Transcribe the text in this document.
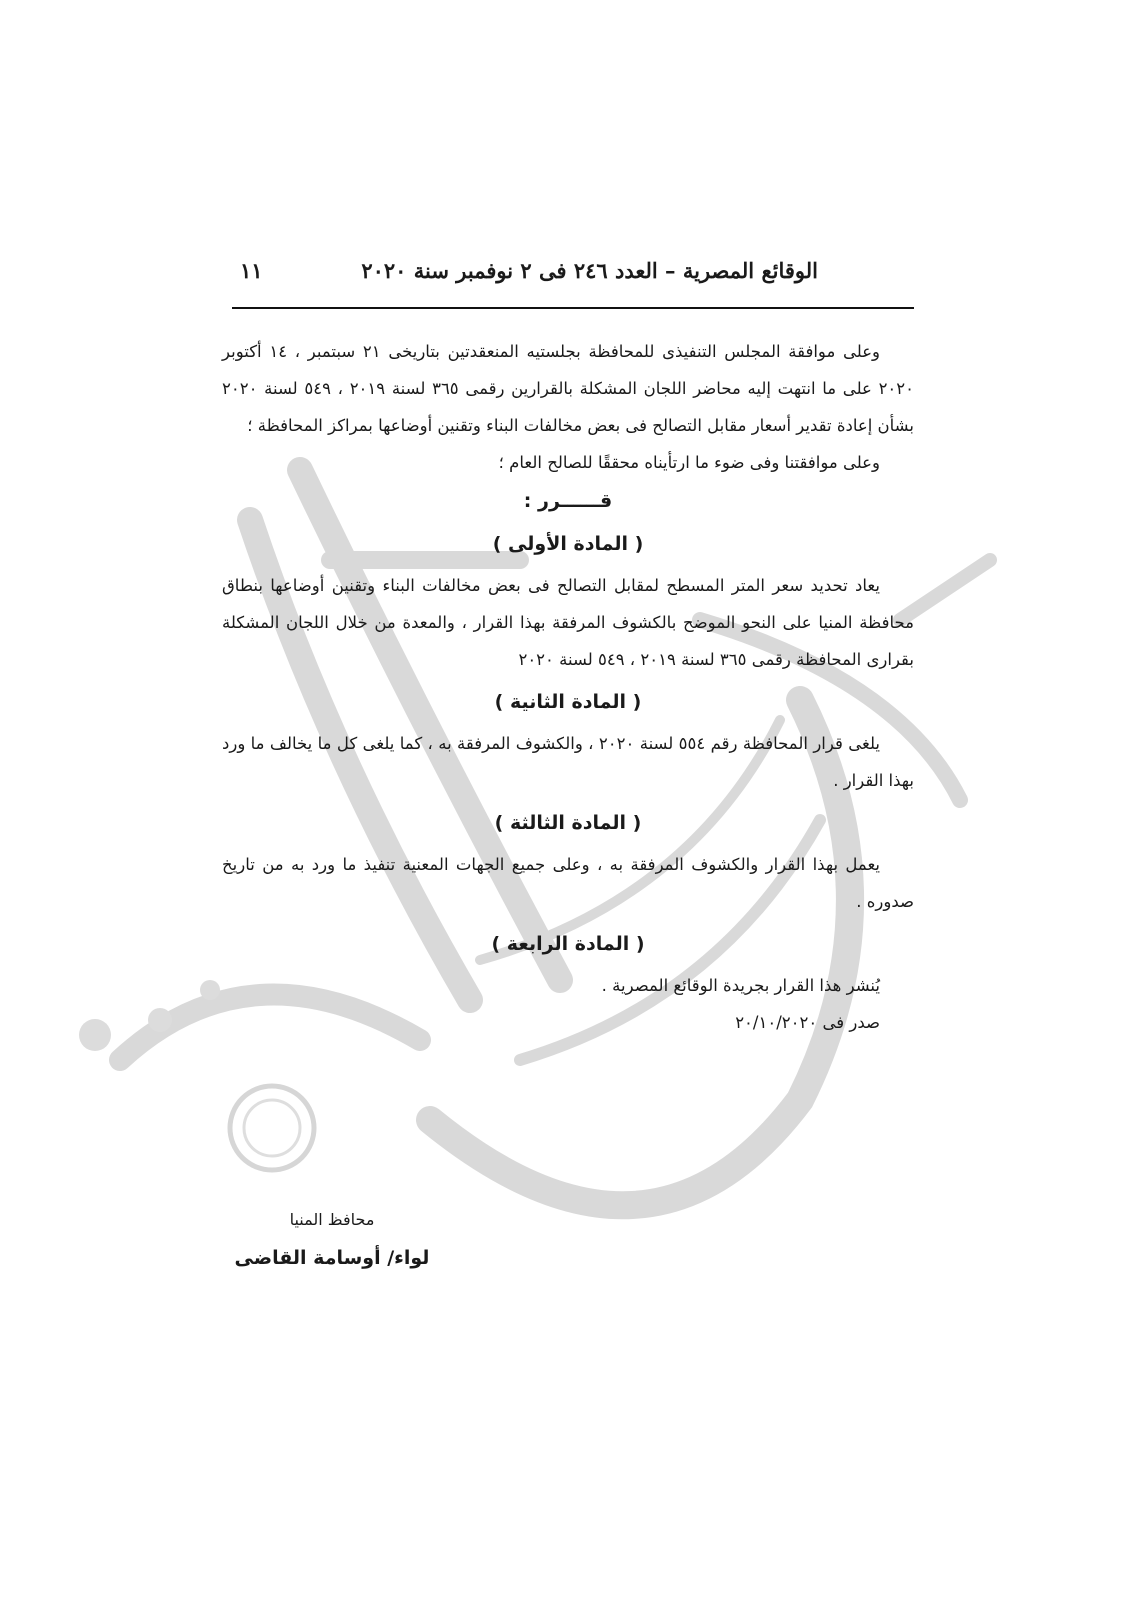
الوقائع المصرية – العدد ٢٤٦ فى ٢ نوفمبر سنة ٢٠٢٠
١١

وعلى موافقة المجلس التنفيذى للمحافظة بجلستيه المنعقدتين بتاريخى ٢١ سبتمبر ، ١٤ أكتوبر ٢٠٢٠ على ما انتهت إليه محاضر اللجان المشكلة بالقرارين رقمى ٣٦٥ لسنة ٢٠١٩ ، ٥٤٩ لسنة ٢٠٢٠ بشأن إعادة تقدير أسعار مقابل التصالح فى بعض مخالفات البناء وتقنين أوضاعها بمراكز المحافظة ؛

وعلى موافقتنا وفى ضوء ما ارتأيناه محققًا للصالح العام ؛

قــــــرر :

( المادة الأولى )

يعاد تحديد سعر المتر المسطح لمقابل التصالح فى بعض مخالفات البناء وتقنين أوضاعها بنطاق محافظة المنيا على النحو الموضح بالكشوف المرفقة بهذا القرار ، والمعدة من خلال اللجان المشكلة بقرارى المحافظة رقمى ٣٦٥ لسنة ٢٠١٩ ، ٥٤٩ لسنة ٢٠٢٠

( المادة الثانية )

يلغى قرار المحافظة رقم ٥٥٤ لسنة ٢٠٢٠ ، والكشوف المرفقة به ، كما يلغى كل ما يخالف ما ورد بهذا القرار .

( المادة الثالثة )

يعمل بهذا القرار والكشوف المرفقة به ، وعلى جميع الجهات المعنية تنفيذ ما ورد به من تاريخ صدوره .

( المادة الرابعة )

يُنشر هذا القرار بجريدة الوقائع المصرية .

صدر فى ٢٠/١٠/٢٠٢٠

محافظ المنيا
لواء/ أوسامة القاضى
